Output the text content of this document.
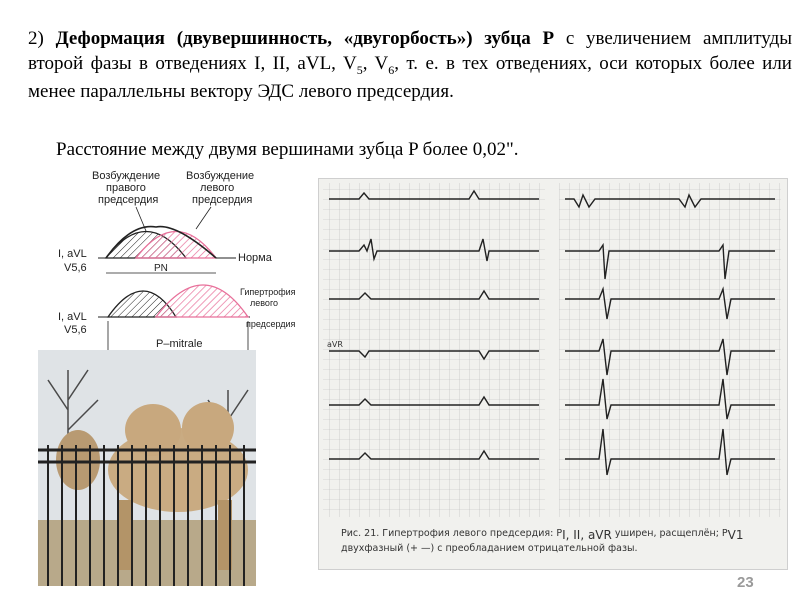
2) Деформация (двувершинность, «двугорбость») зубца P с увеличением амплитуды второй фазы в отведениях I, II, aVL, $V_5$, $V_6$, т. е. в тех отведениях, оси которых более или менее параллельны вектору ЭДС левого предсердия.
Расстояние между двумя вершинами зубца P более 0,02".
Возбуждение
правого
предсердия
Возбуждение
левого
предсердия
I, aVL
V5,6
Норма
PN
I, aVL
V5,6
Гипертрофия
левого
предсердия
P–mitrale	aVR
Рис. 21. Гипертрофия левого предсердия: $P_{I, II, aVR}$ уширен, расщеплён; $P_{V1}$
двухфазный (+ —) с преобладанием отрицательной фазы.
23
